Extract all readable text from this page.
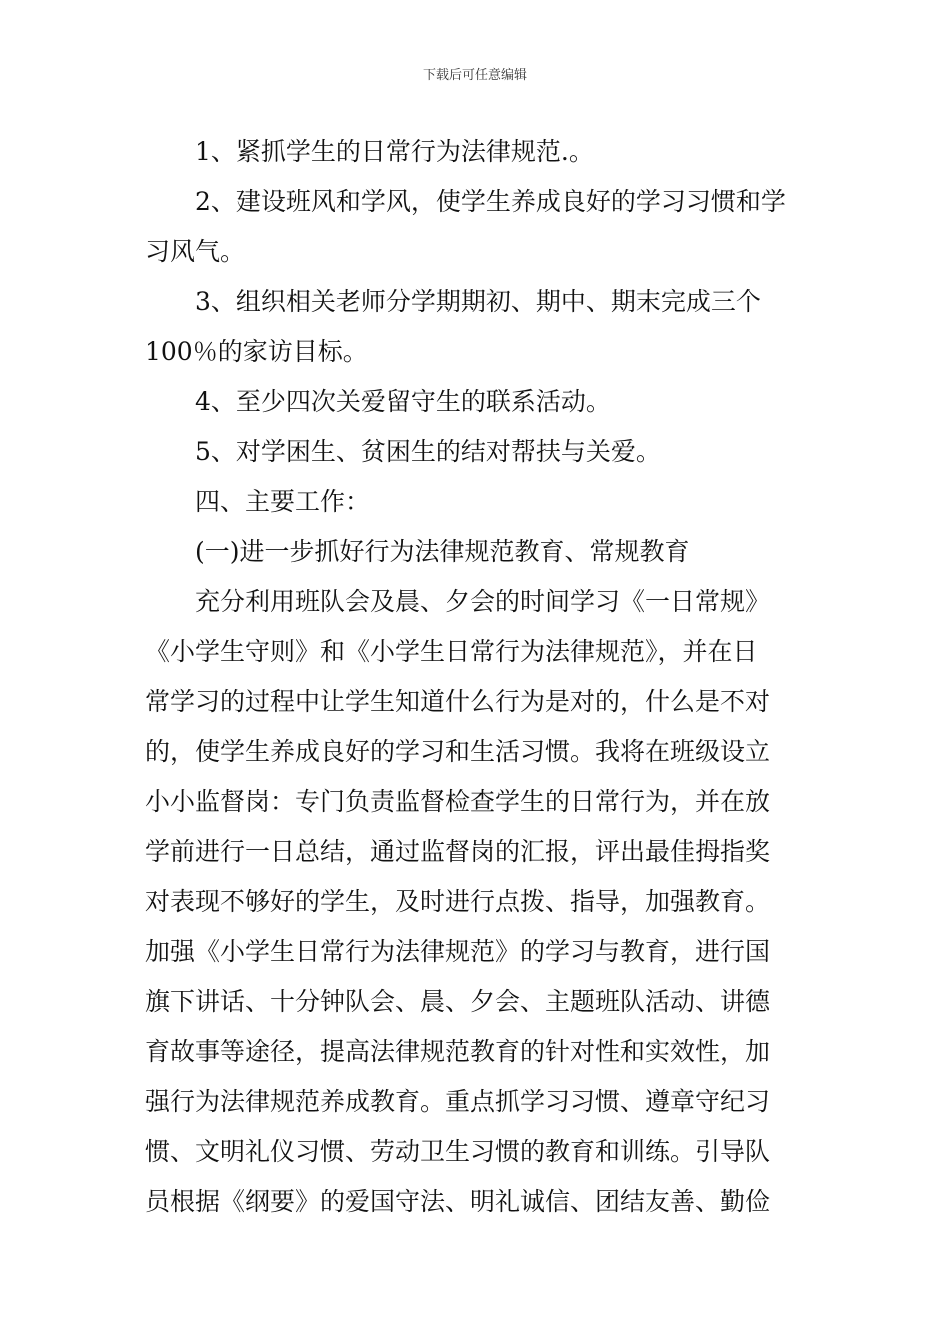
下载后可任意编辑
1、紧抓学生的日常行为法律规范.。
2、建设班风和学风，使学生养成良好的学习习惯和学
习风气。
3、组织相关老师分学期期初、期中、期末完成三个
100％的家访目标。
4、至少四次关爱留守生的联系活动。
5、对学困生、贫困生的结对帮扶与关爱。
四、主要工作：
(一)进一步抓好行为法律规范教育、常规教育
充分利用班队会及晨、夕会的时间学习《一日常规》
《小学生守则》和《小学生日常行为法律规范》，并在日
常学习的过程中让学生知道什么行为是对的，什么是不对
的，使学生养成良好的学习和生活习惯。我将在班级设立
小小监督岗：专门负责监督检查学生的日常行为，并在放
学前进行一日总结，通过监督岗的汇报，评出最佳拇指奖
对表现不够好的学生，及时进行点拨、指导，加强教育。
加强《小学生日常行为法律规范》的学习与教育，进行国
旗下讲话、十分钟队会、晨、夕会、主题班队活动、讲德
育故事等途径，提高法律规范教育的针对性和实效性，加
强行为法律规范养成教育。重点抓学习习惯、遵章守纪习
惯、文明礼仪习惯、劳动卫生习惯的教育和训练。引导队
员根据《纲要》的爱国守法、明礼诚信、团结友善、勤俭
